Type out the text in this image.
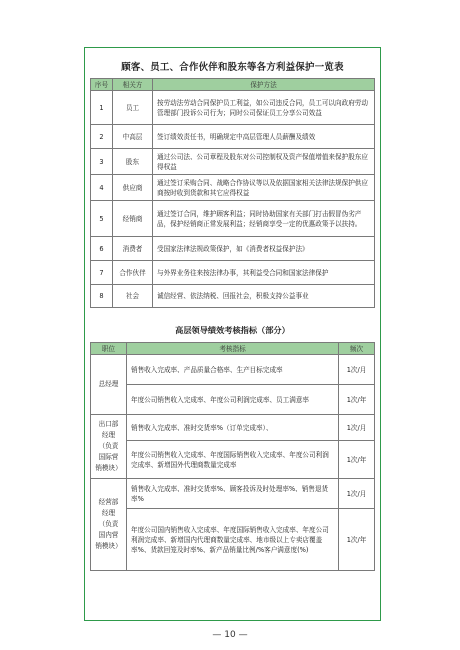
顾客、员工、合作伙伴和股东等各方利益保护一览表
序号	相关方	保护方法
1	员工	按劳动法劳动合同保护员工利益，如公司违反合同，员工可以向政府劳动管理部门投诉公司行为；同时公司保证员工分享公司效益
2	中高层	签订绩效责任书，明确规定中高层管理人员薪酬及绩效
3	股东	通过公司法、公司章程及股东对公司控制权及资产保值增值来保护股东应得权益
4	供应商	通过签订采购合同、战略合作协议等以及依据国家相关法律法规保护供应商按时收到货款和其它应得权益
5	经销商	通过签订合同，维护顾客利益；同时协助国家有关部门打击假冒伪劣产品，保护经销商正常发展利益；经销商享受一定的优惠政策予以扶持。
6	消费者	受国家法律法规政策保护，如《消费者权益保护法》
7	合作伙伴	与外界业务往来按法律办事，其利益受合同和国家法律保护
8	社会	诚信经营、依法纳税、回报社会，积极支持公益事业
高层领导绩效考核指标（部分）
职位	考核指标	频次
总经理	销售收入完成率、产品质量合格率、生产目标完成率	1次/月
	年度公司销售收入完成率、年度公司利润完成率、员工满意率	1次/年
出口部
经理
（负责
国际营
销模块）	销售收入完成率、准时交货率%（订单完成率）、	1次/月
	年度公司销售收入完成率、年度国际销售收入完成率、年度公司利润完成率、新增国外代理商数量完成率	1次/年
经营部
经理
（负责
国内营
销模块）	销售收入完成率、准时交货率%、顾客投诉及时处理率%、销售退货率%	1次/月
	年度公司国内销售收入完成率、年度国际销售收入完成率、年度公司利润完成率、新增国内代理商数量完成率、地市级以上专卖店覆盖率%、货款回笼及时率%、新产品销量比例/%客户满意度(%)	1次/年
— 10 —
